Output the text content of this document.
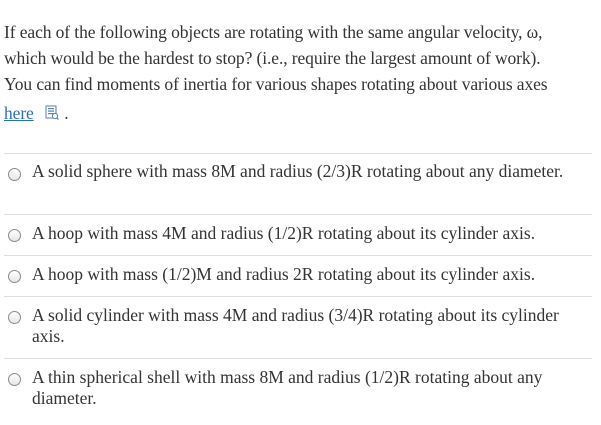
If each of the following objects are rotating with the same angular velocity, ω,
which would be the hardest to stop? (i.e., require the largest amount of work).
You can find moments of inertia for various shapes rotating about various axes
here .
A solid sphere with mass 8M and radius (2/3)R rotating about any diameter.
A hoop with mass 4M and radius (1/2)R rotating about its cylinder axis.
A hoop with mass (1/2)M and radius 2R rotating about its cylinder axis.
A solid cylinder with mass 4M and radius (3/4)R rotating about its cylinder axis.
A thin spherical shell with mass 8M and radius (1/2)R rotating about any diameter.
